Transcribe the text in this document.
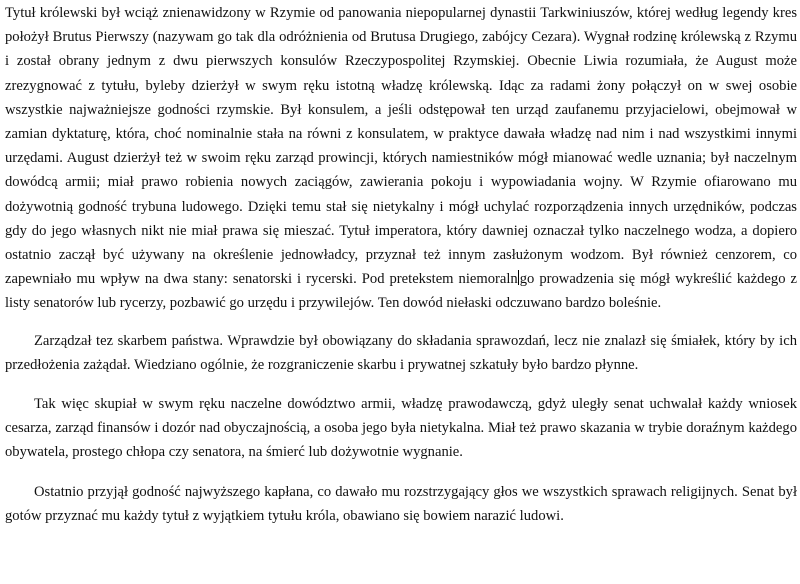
Tytuł królewski był wciąż znienawidzony w Rzymie od panowania niepopularnej dynastii Tarkwiniuszów, której według legendy kres położył Brutus Pierwszy (nazywam go tak dla odróżnienia od Brutusa Drugiego, zabójcy Cezara). Wygnał rodzinę królewską z Rzymu i został obrany jednym z dwu pierwszych konsulów Rzeczypospolitej Rzymskiej. Obecnie Liwia rozumiała, że August może zrezygnować z tytułu, byleby dzierżył w swym ręku istotną władzę królewską. Idąc za radami żony połączył on w swej osobie wszystkie najważniejsze godności rzymskie. Był konsulem, a jeśli odstępował ten urząd zaufanemu przyjacielowi, obejmował w zamian dyktaturę, która, choć nominalnie stała na równi z konsulatem, w praktyce dawała władzę nad nim i nad wszystkimi innymi urzędami. August dzierżył też w swoim ręku zarząd prowincji, których namiestników mógł mianować wedle uznania; był naczelnym dowódcą armii; miał prawo robienia nowych zaciągów, zawierania pokoju i wypowiadania wojny. W Rzymie ofiarowano mu dożywotnią godność trybuna ludowego. Dzięki temu stał się nietykalny i mógł uchylać rozporządzenia innych urzędników, podczas gdy do jego własnych nikt nie miał prawa się mieszać. Tytuł imperatora, który dawniej oznaczał tylko naczelnego wodza, a dopiero ostatnio zaczął być używany na określenie jednowładcy, przyznał też innym zasłużonym wodzom. Był również cenzorem, co zapewniało mu wpływ na dwa stany: senatorski i rycerski. Pod pretekstem niemoraln go prowadzenia się mógł wykreślić każdego z listy senatorów lub rycerzy, pozbawić go urzędu i przywilejów. Ten dowód niełaski odczuwano bardzo boleśnie.

Zarządzał tez skarbem państwa. Wprawdzie był obowiązany do składania sprawozdań, lecz nie znalazł się śmiałek, który by ich przedłożenia zażądał. Wiedziano ogólnie, że rozgraniczenie skarbu i prywatnej szkatuły było bardzo płynne.

Tak więc skupiał w swym ręku naczelne dowództwo armii, władzę prawodawczą, gdyż uległy senat uchwalał każdy wniosek cesarza, zarząd finansów i dozór nad obyczajnością, a osoba jego była nietykalna. Miał też prawo skazania w trybie doraźnym każdego obywatela, prostego chłopa czy senatora, na śmierć lub dożywotnie wygnanie.

Ostatnio przyjął godność najwyższego kapłana, co dawało mu rozstrzygający głos we wszystkich sprawach religijnych. Senat był gotów przyznać mu każdy tytuł z wyjątkiem tytułu króla, obawiano się bowiem narazić ludowi.
